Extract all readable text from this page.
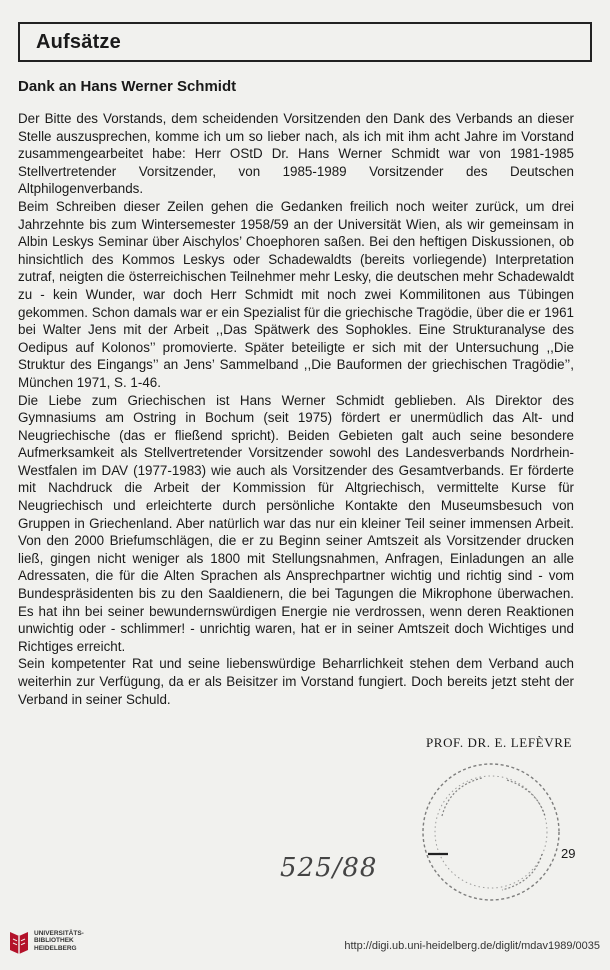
Aufsätze
Dank an Hans Werner Schmidt

Der Bitte des Vorstands, dem scheidenden Vorsitzenden den Dank des Verbands an dieser Stelle auszusprechen, komme ich um so lieber nach, als ich mit ihm acht Jahre im Vorstand zusammengearbeitet habe: Herr OStD Dr. Hans Werner Schmidt war von 1981-1985 Stellvertretender Vorsitzender, von 1985-1989 Vorsitzender des Deutschen Altphilogenverbands.

Beim Schreiben dieser Zeilen gehen die Gedanken freilich noch weiter zurück, um drei Jahrzehnte bis zum Wintersemester 1958/59 an der Universität Wien, als wir gemeinsam in Albin Leskys Seminar über Aischylos’ Choephoren saßen. Bei den heftigen Diskussionen, ob hinsichtlich des Kommos Leskys oder Schadewaldts (bereits vorliegende) Interpretation zutraf, neigten die österreichischen Teilnehmer mehr Lesky, die deutschen mehr Schadewaldt zu - kein Wunder, war doch Herr Schmidt mit noch zwei Kommilitonen aus Tübingen gekommen. Schon damals war er ein Spezialist für die griechische Tragödie, über die er 1961 bei Walter Jens mit der Arbeit ,,Das Spätwerk des Sophokles. Eine Strukturanalyse des Oedipus auf Kolonos’’ promovierte. Später beteiligte er sich mit der Untersuchung ,,Die Struktur des Eingangs’’ an Jens’ Sammelband ,,Die Bauformen der griechischen Tragödie’’, München 1971, S. 1-46.

Die Liebe zum Griechischen ist Hans Werner Schmidt geblieben. Als Direktor des Gymnasiums am Ostring in Bochum (seit 1975) fördert er unermüdlich das Alt- und Neugriechische (das er fließend spricht). Beiden Gebieten galt auch seine besondere Aufmerksamkeit als Stellvertretender Vorsitzender sowohl des Landesverbands Nordrhein-Westfalen im DAV (1977-1983) wie auch als Vorsitzender des Gesamtverbands. Er förderte mit Nachdruck die Arbeit der Kommission für Altgriechisch, vermittelte Kurse für Neugriechisch und erleichterte durch persönliche Kontakte den Museumsbesuch von Gruppen in Griechenland. Aber natürlich war das nur ein kleiner Teil seiner immensen Arbeit. Von den 2000 Briefumschlägen, die er zu Beginn seiner Amtszeit als Vorsitzender drucken ließ, gingen nicht weniger als 1800 mit Stellungsnahmen, Anfragen, Einladungen an alle Adressaten, die für die Alten Sprachen als Ansprechpartner wichtig und richtig sind - vom Bundespräsidenten bis zu den Saaldienern, die bei Tagungen die Mikrophone überwachen. Es hat ihn bei seiner bewundernswürdigen Energie nie verdrossen, wenn deren Reaktionen unwichtig oder - schlimmer! - unrichtig waren, hat er in seiner Amtszeit doch Wichtiges und Richtiges erreicht.

Sein kompetenter Rat und seine liebenswürdige Beharrlichkeit stehen dem Verband auch weiterhin zur Verfügung, da er als Beisitzer im Vorstand fungiert. Doch bereits jetzt steht der Verband in seiner Schuld.

PROF. DR. E. LEFÈVRE
29
525/88
UNIVERSITÄTS-
BIBLIOTHEK
HEIDELBERG	http://digi.ub.uni-heidelberg.de/diglit/mdav1989/0035
